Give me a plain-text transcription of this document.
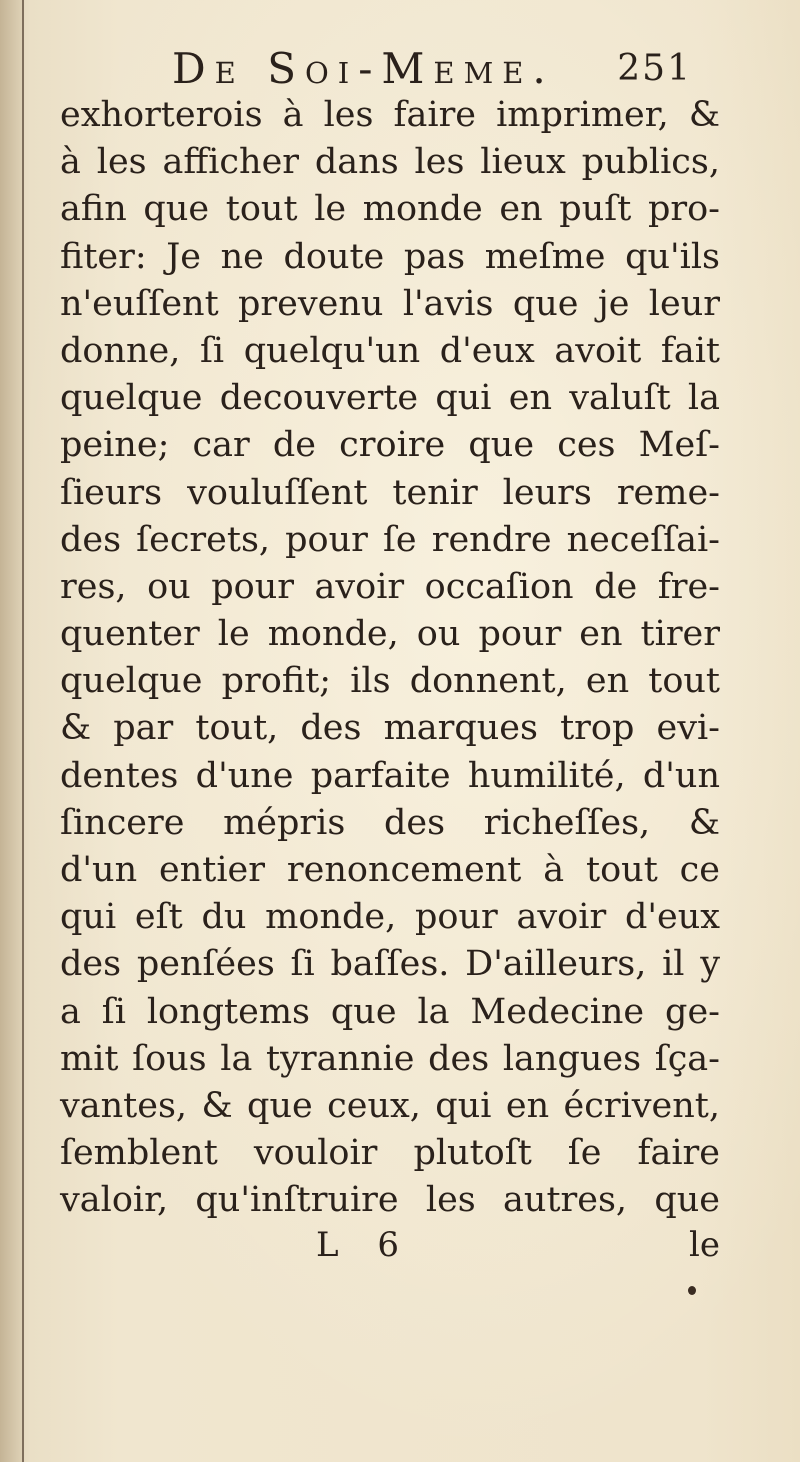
De Soi-Meme. 251
exhorterois à les faire imprimer, &
à les afficher dans les lieux publics,
afin que tout le monde en puſt pro-
fiter: Je ne doute pas meſme qu'ils
n'euſſent prevenu l'avis que je leur
donne, ſi quelqu'un d'eux avoit fait
quelque decouverte qui en valuſt la
peine; car de croire que ces Meſ-
ſieurs vouluſſent tenir leurs reme-
des ſecrets, pour ſe rendre neceſſai-
res, ou pour avoir occaſion de fre-
quenter le monde, ou pour en tirer
quelque profit; ils donnent, en tout
& par tout, des marques trop evi-
dentes d'une parfaite humilité, d'un
ſincere mépris des richeſſes, &
d'un entier renoncement à tout ce
qui eſt du monde, pour avoir d'eux
des penſées ſi baſſes. D'ailleurs, il y
a ſi longtems que la Medecine ge-
mit ſous la tyrannie des langues ſça-
vantes, & que ceux, qui en écrivent,
ſemblent vouloir plutoſt ſe faire
valoir, qu'inſtruire les autres, que
L 6	le
